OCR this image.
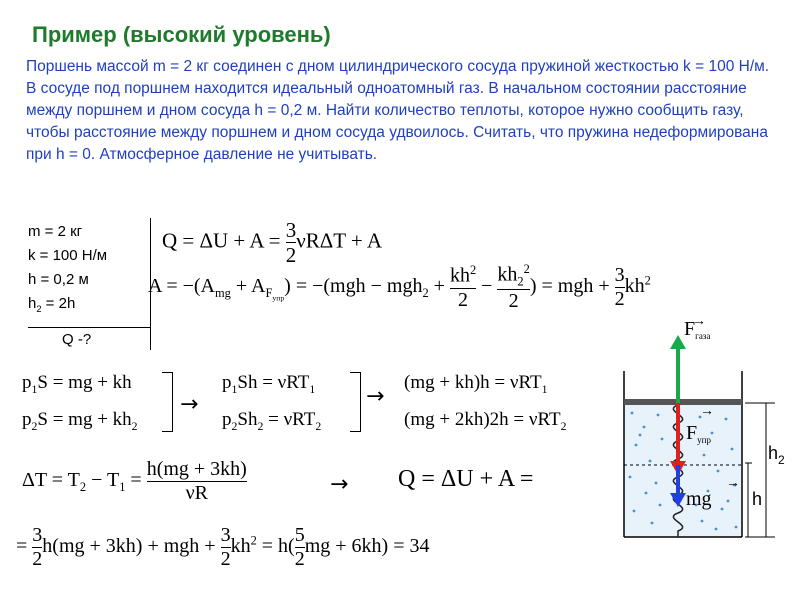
Пример (высокий уровень)
Поршень массой m = 2 кг соединен с дном цилиндрического сосуда пружиной жесткостью k = 100 Н/м. В сосуде под поршнем находится идеальный одноатомный газ. В начальном состоянии расстояние между поршнем и дном сосуда h = 0,2 м. Найти количество теплоты, которое нужно сообщить газу, чтобы расстояние между поршнем и дном сосуда удвоилось. Считать, что пружина недеформирована при h = 0. Атмосферное давление не учитывать.
m = 2 кг
k = 100 Н/м
h = 0,2 м
$h_2 = 2h$
Q -?
$Q = \Delta U + A = \frac{3}{2}$ νRΔT + A
$A = -(A_{mg} + A_{F_{упр}}) = -(mgh - mgh_2 + \frac{kh^2}{2} - \frac{kh_2^2}{2}$ ) = mgh + $\frac{3}{2} kh^2$
$p_1S$ = mg + kh
$p_2S$ = mg + $kh_2$
→
$p_1Sh = \nu RT_1$
$p_2Sh_2 = \nu RT_2$
→
(mg + kh)h = νRT$_1$
(mg + 2kh)2h = νRT$_2$
$\Delta T = T_2 - T_1 = \frac{h(mg + 3kh)}{\nu R}$	→ Q = ΔU + A =
= $\frac{3}{2} h(mg + 3kh)$ + mgh + $\frac{3}{2} kh^2 = h( \frac{5}{2}$ mg + 6kh) = 34
$F_{газа}$
→
$F_{упр}$
→
mg
→
$h_2$
h
